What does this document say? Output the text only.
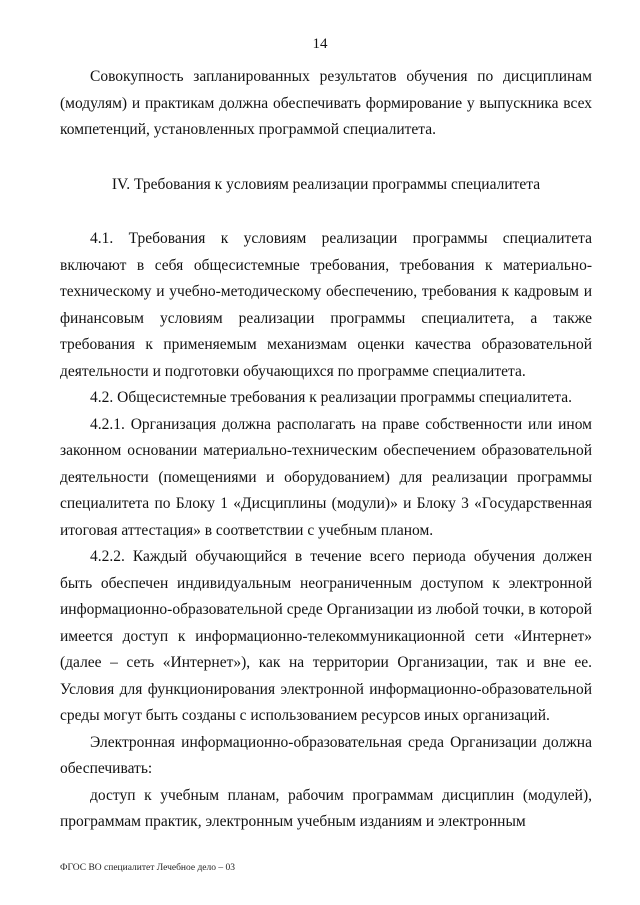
14

Совокупность запланированных результатов обучения по дисциплинам (модулям) и практикам должна обеспечивать формирование у выпускника всех компетенций, установленных программой специалитета.

IV. Требования к условиям реализации программы специалитета

4.1. Требования к условиям реализации программы специалитета включают в себя общесистемные требования, требования к материально-техническому и учебно-методическому обеспечению, требования к кадровым и финансовым условиям реализации программы специалитета, а также требования к применяемым механизмам оценки качества образовательной деятельности и подготовки обучающихся по программе специалитета.

4.2. Общесистемные требования к реализации программы специалитета.

4.2.1. Организация должна располагать на праве собственности или ином законном основании материально-техническим обеспечением образовательной деятельности (помещениями и оборудованием) для реализации программы специалитета по Блоку 1 «Дисциплины (модули)» и Блоку 3 «Государственная итоговая аттестация» в соответствии с учебным планом.

4.2.2. Каждый обучающийся в течение всего периода обучения должен быть обеспечен индивидуальным неограниченным доступом к электронной информационно-образовательной среде Организации из любой точки, в которой имеется доступ к информационно-телекоммуникационной сети «Интернет» (далее – сеть «Интернет»), как на территории Организации, так и вне ее. Условия для функционирования электронной информационно-образовательной среды могут быть созданы с использованием ресурсов иных организаций.

Электронная информационно-образовательная среда Организации должна обеспечивать:

доступ к учебным планам, рабочим программам дисциплин (модулей), программам практик, электронным учебным изданиям и электронным

ФГОС ВО специалитет Лечебное дело – 03
